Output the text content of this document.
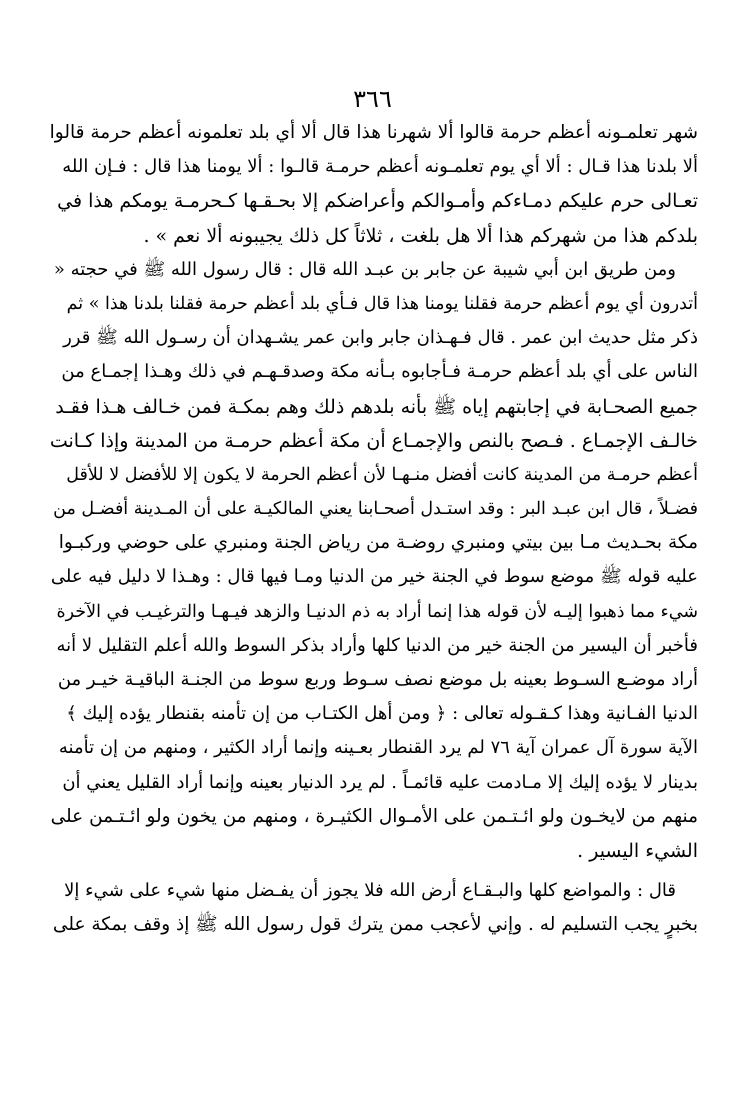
٣٦٦
شهر تعلمـونه أعظم حرمة قالوا ألا شهرنا هذا قال ألا أي بلد تعلمونه أعظم حرمة قالوا
ألا بلدنا هذا قـال : ألا أي يوم تعلمـونه أعظم حرمـة قالـوا : ألا يومنا هذا قال : فـإن الله
تعـالى حرم عليكم دمـاءكم وأمـوالكم وأعراضكم إلا بحـقـها كـحرمـة يومكم هذا في
بلدكم هذا من شهركم هذا ألا هل بلغت ، ثلاثاً كل ذلك يجيبونه ألا نعم » .
ومن طريق ابن أبي شيبة عن جابر بن عبـد الله قال : قال رسول الله ﷺ في حجته «
أتدرون أي يوم أعظم حرمة فقلنا يومنا هذا قال فـأي بلد أعظم حرمة فقلنا بلدنا هذا » ثم
ذكر مثل حديث ابن عمر . قال فـهـذان جابر وابن عمر يشـهدان أن رسـول الله ﷺ قرر
الناس على أي بلد أعظم حرمـة فـأجابوه بـأنه مكة وصدقـهـم في ذلك وهـذا إجمـاع من
جميع الصحـابة في إجابتهم إياه ﷺ بأنه بلدهم ذلك وهم بمكـة فمن خـالف هـذا فقـد
خالـف الإجمـاع . فـصح بالنص والإجمـاع أن مكة أعظم حرمـة من المدينة وإذا كـانت
أعظم حرمـة من المدينة كانت أفضل منـهـا لأن أعظم الحرمة لا يكون إلا للأفضل لا للأقل
فضـلاً ، قال ابن عبـد البر : وقد استـدل أصحـابنا يعني المالكيـة على أن المـدينة أفضـل من
مكة بحـديث مـا بين بيتي ومنبري روضـة من رياض الجنة ومنبري على حوضي وركبـوا
عليه قوله ﷺ موضع سوط في الجنة خير من الدنيا ومـا فيها قال : وهـذا لا دليل فيه على
شيء مما ذهبوا إليـه لأن قوله هذا إنما أراد به ذم الدنيـا والزهد فيـهـا والترغيـب في الآخرة
فأخبر أن اليسير من الجنة خير من الدنيا كلها وأراد بذكر السوط والله أعلم التقليل لا أنه
أراد موضـع السـوط بعينه بل موضع نصف سـوط وربع سوط من الجنـة الباقيـة خيـر من
الدنيا الفـانية وهذا كـقـوله تعالى : ﴿ ومن أهل الكتـاب من إن تأمنه بقنطار يؤده إليك ﴾
الآية سورة آل عمران آية ٧٦ لم يرد القنطار بعـينه وإنما أراد الكثير ، ومنهم من إن تأمنه
بدينار لا يؤده إليك إلا مـادمت عليه قائمـاً . لم يرد الدنيار بعينه وإنما أراد القليل يعني أن
منهم من لايخـون ولو ائـتـمن على الأمـوال الكثيـرة ، ومنهم من يخون ولو ائـتـمن على
الشيء اليسير .
قال : والمواضع كلها والبـقـاع أرض الله فلا يجوز أن يفـضل منها شيء على شيء إلا
بخبرٍ يجب التسليم له . وإني لأعجب ممن يترك قول رسول الله ﷺ إذ وقف بمكة على
